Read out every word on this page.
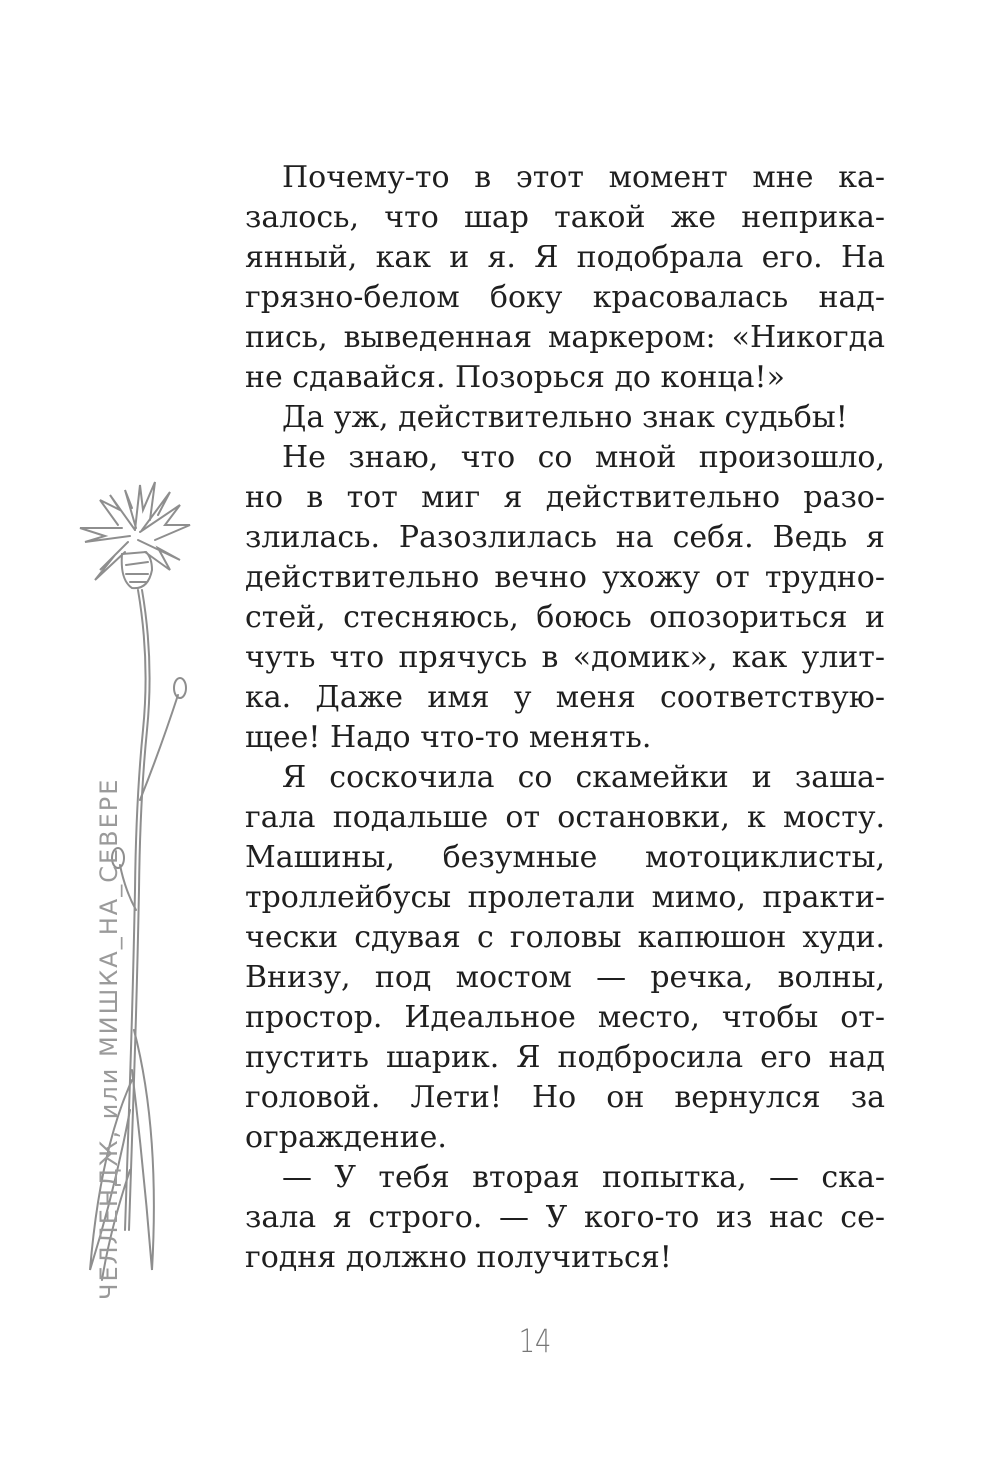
ЧЕЛЛЕНДЖ, или МИШКА_НА_СЕВЕРЕ
Почему-то в этот момент мне ка-
залось, что шар такой же неприка-
янный, как и я. Я подобрала его. На
грязно-белом боку красовалась над-
пись, выведенная маркером: «Никогда
не сдавайся. Позорься до конца!»
Да уж, действительно знак судьбы!
Не знаю, что со мной произошло,
но в тот миг я действительно разо-
злилась. Разозлилась на себя. Ведь я
действительно вечно ухожу от трудно-
стей, стесняюсь, боюсь опозориться и
чуть что прячусь в «домик», как улит-
ка. Даже имя у меня соответствую-
щее! Надо что-то менять.
Я соскочила со скамейки и заша-
гала подальше от остановки, к мосту.
Машины, безумные мотоциклисты,
троллейбусы пролетали мимо, практи-
чески сдувая с головы капюшон худи.
Внизу, под мостом — речка, волны,
простор. Идеальное место, чтобы от-
пустить шарик. Я подбросила его над
головой. Лети! Но он вернулся за
ограждение.
— У тебя вторая попытка, — ска-
зала я строго. — У кого-то из нас се-
годня должно получиться!
14
